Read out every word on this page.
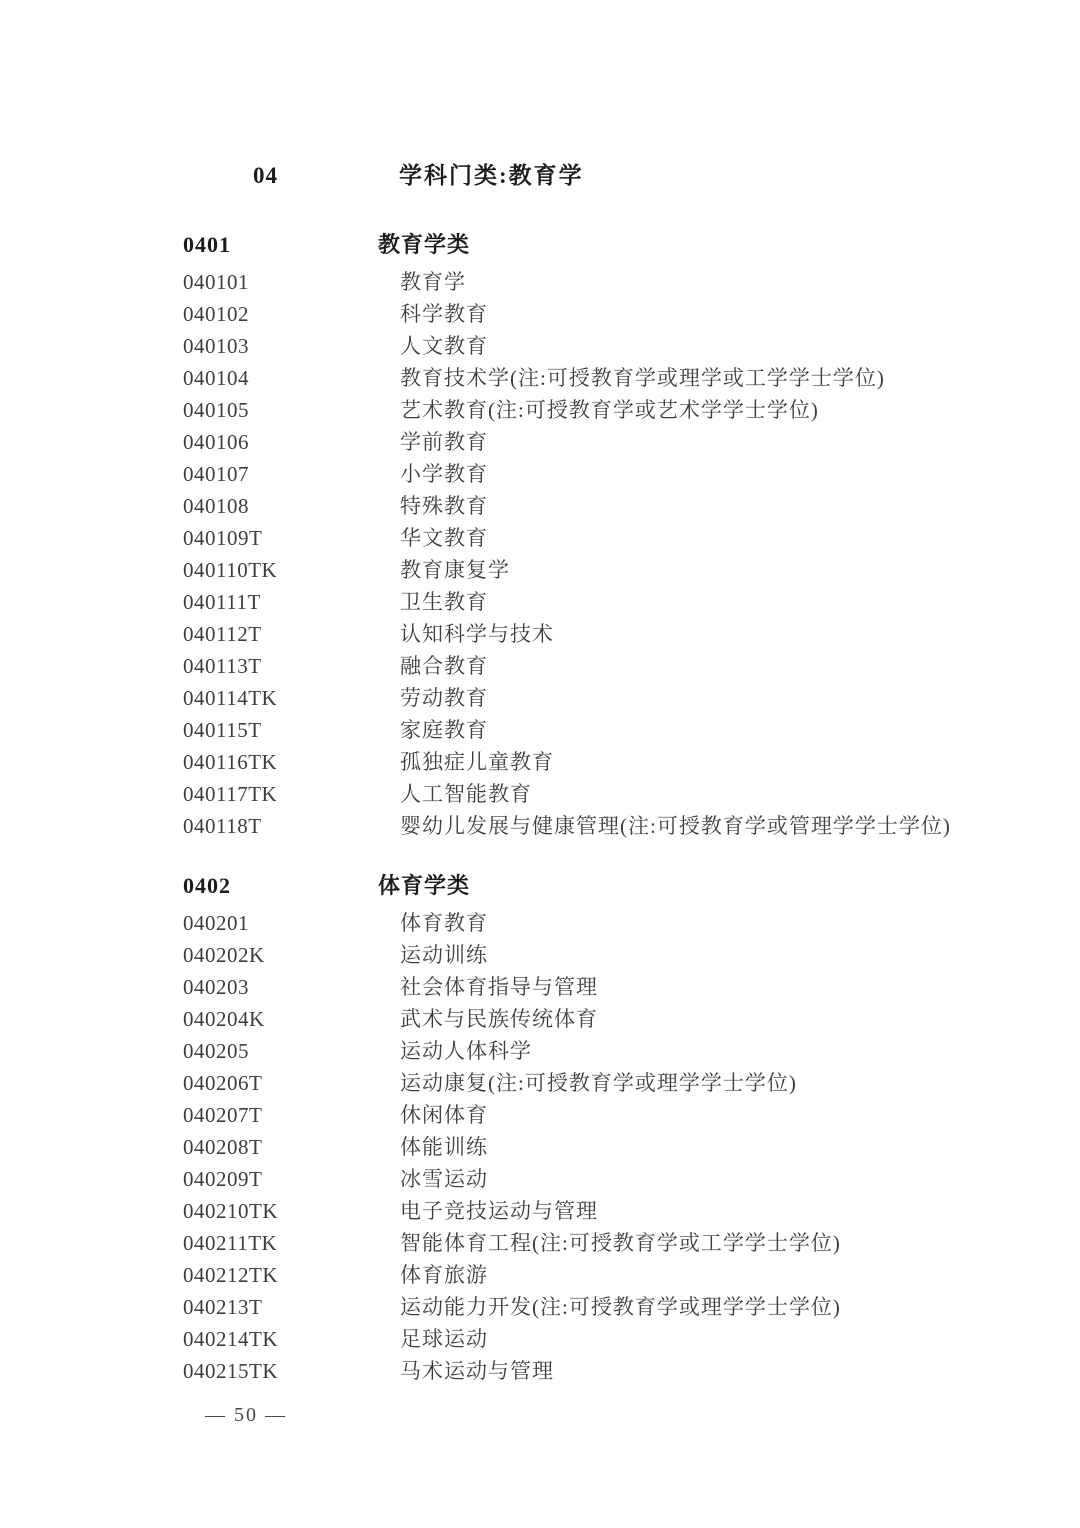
04	学科门类:教育学
0401	教育学类
040101	教育学
040102	科学教育
040103	人文教育
040104	教育技术学(注:可授教育学或理学或工学学士学位)
040105	艺术教育(注:可授教育学或艺术学学士学位)
040106	学前教育
040107	小学教育
040108	特殊教育
040109T	华文教育
040110TK	教育康复学
040111T	卫生教育
040112T	认知科学与技术
040113T	融合教育
040114TK	劳动教育
040115T	家庭教育
040116TK	孤独症儿童教育
040117TK	人工智能教育
040118T	婴幼儿发展与健康管理(注:可授教育学或管理学学士学位)
0402	体育学类
040201	体育教育
040202K	运动训练
040203	社会体育指导与管理
040204K	武术与民族传统体育
040205	运动人体科学
040206T	运动康复(注:可授教育学或理学学士学位)
040207T	休闲体育
040208T	体能训练
040209T	冰雪运动
040210TK	电子竞技运动与管理
040211TK	智能体育工程(注:可授教育学或工学学士学位)
040212TK	体育旅游
040213T	运动能力开发(注:可授教育学或理学学士学位)
040214TK	足球运动
040215TK	马术运动与管理
— 50 —
